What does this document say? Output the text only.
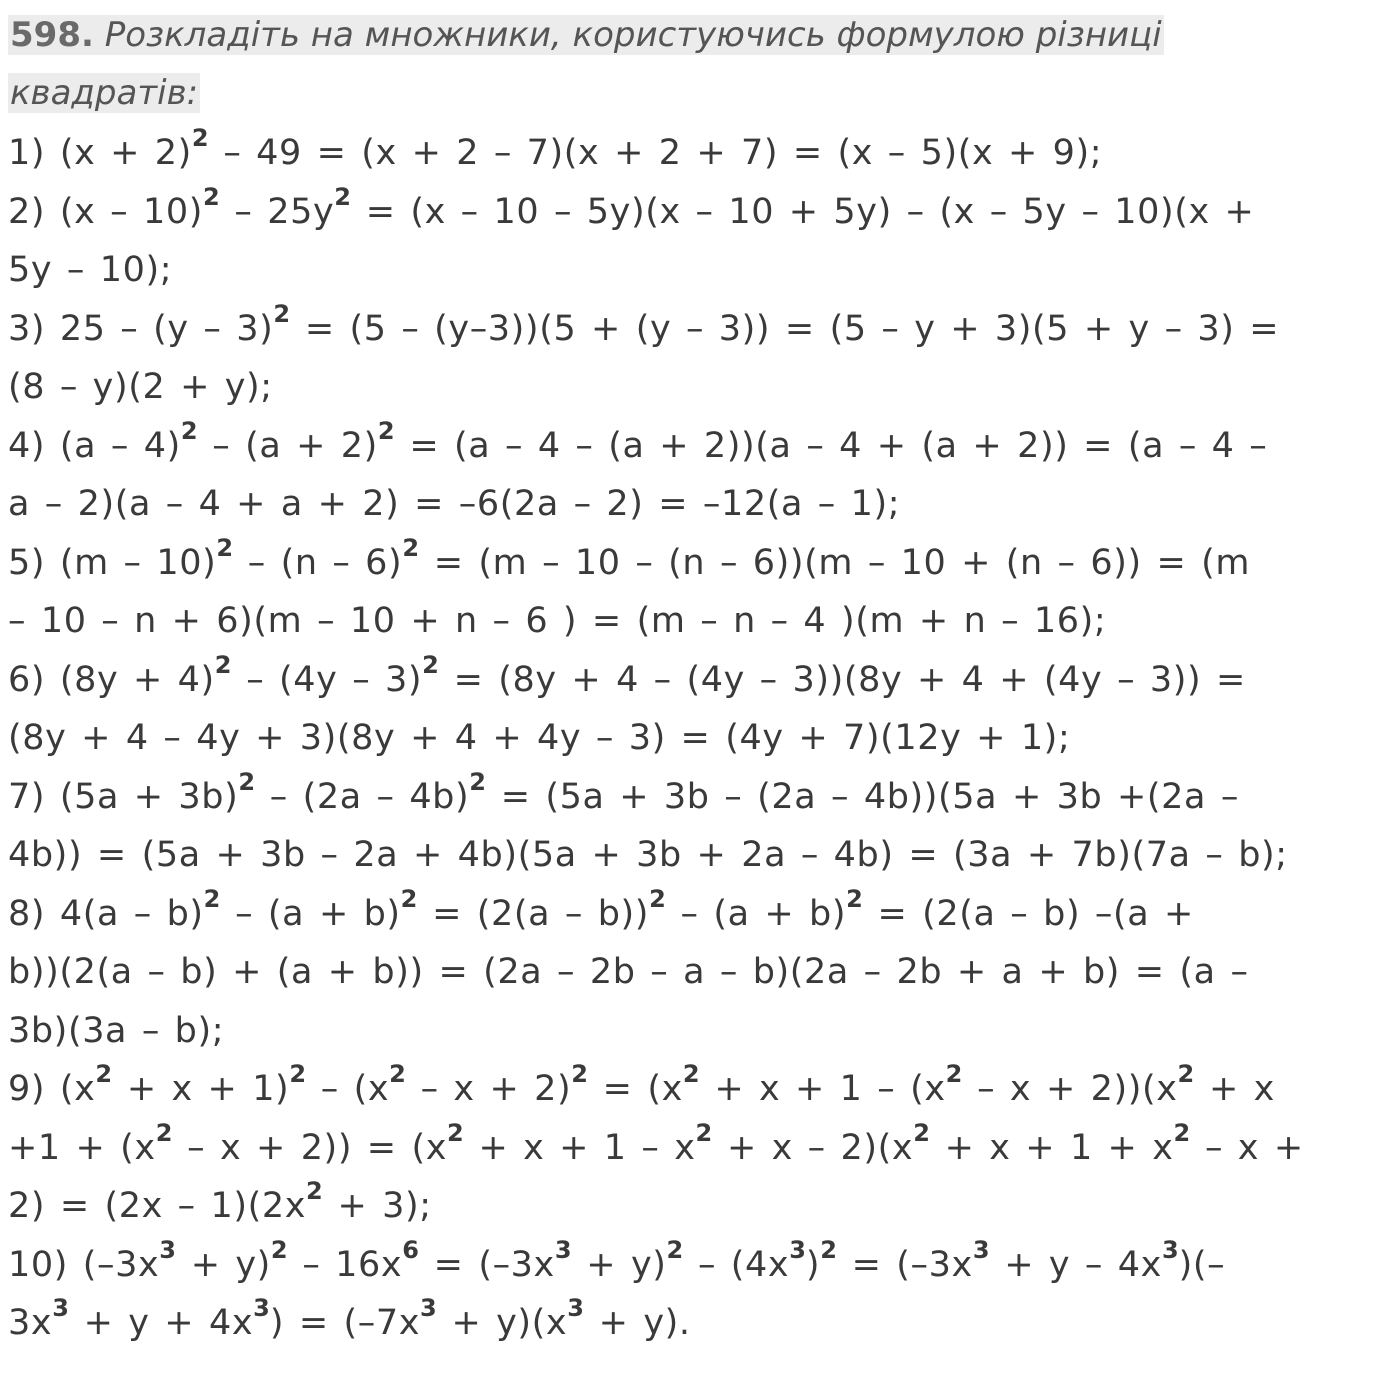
598. Розкладіть на множники, користуючись формулою різниці квадратів:
1) $(x + 2)^2 - 49 = (x + 2 - 7)(x + 2 + 7) = (x - 5)(x + 9)$;
2) $(x - 10)^2 - 25y^2 = (x - 10 - 5y)(x - 10 + 5y) - (x - 5y - 10)(x$ +
5y – 10);
3) 25 – (y – 3)$^2$ = (5 – (y–3))(5 + (y – 3)) = (5 – y + 3)(5 + y – 3) =
(8 – y)(2 + y);
4) $(a - 4)^2 - (a + 2)^2 = (a - 4 - (a + 2))(a - 4 + (a + 2)) = (a - 4$ –
a – 2)(a – 4 + a + 2) = –6(2a – 2) = –12(a – 1);
5) (m – 10)$^2$ – (n – 6)$^2$ = (m – 10 – (n – 6))(m – 10 + (n – 6)) = (m
– 10 – n + 6)(m – 10 + n – 6 ) = (m – n – 4 )(m + n – 16);
6) $(8y + 4)^2 - (4y - 3)^2 = (8y + 4 - (4y - 3))(8y + 4 + (4y - 3))$ =
(8y + 4 – 4y + 3)(8y + 4 + 4y – 3) = (4y + 7)(12y + 1);
7) $(5a + 3b)^2 - (2a - 4b)^2 = (5a + 3b - (2a - 4b))(5a + 3b +(2a$ –
4b)) = (5a + 3b – 2a + 4b)(5a + 3b + 2a – 4b) = (3a + 7b)(7a – b);
8) $4(a - b)^2 - (a + b)^2 = (2(a - b))^2 - (a + b)^2 = (2(a - b) -(a$ +
b))(2(a – b) + (a + b)) = (2a – 2b – a – b)(2a – 2b + a + b) = (a –
3b)(3a – b);
9) $(x^2 + x + 1)^2 - (x^2 - x + 2)^2 = (x^2 + x + 1 - (x^2 - x + 2))(x^2 + x$
$+1 + (x^2 - x + 2)) = (x^2 + x + 1 - x^2 + x - 2)(x^2 + x + 1 + x^2 - x$ +
$2) = (2x - 1)(2x^2 + 3)$;
10) $(-3x^3 + y)^2 - 16x^6 = (-3x^3 + y)^2 - (4x^3)^2 = (-3x^3 + y - 4x^3)(-$
$3x^3 + y + 4x^3) = (-7x^3 + y)(x^3 + y)$.
